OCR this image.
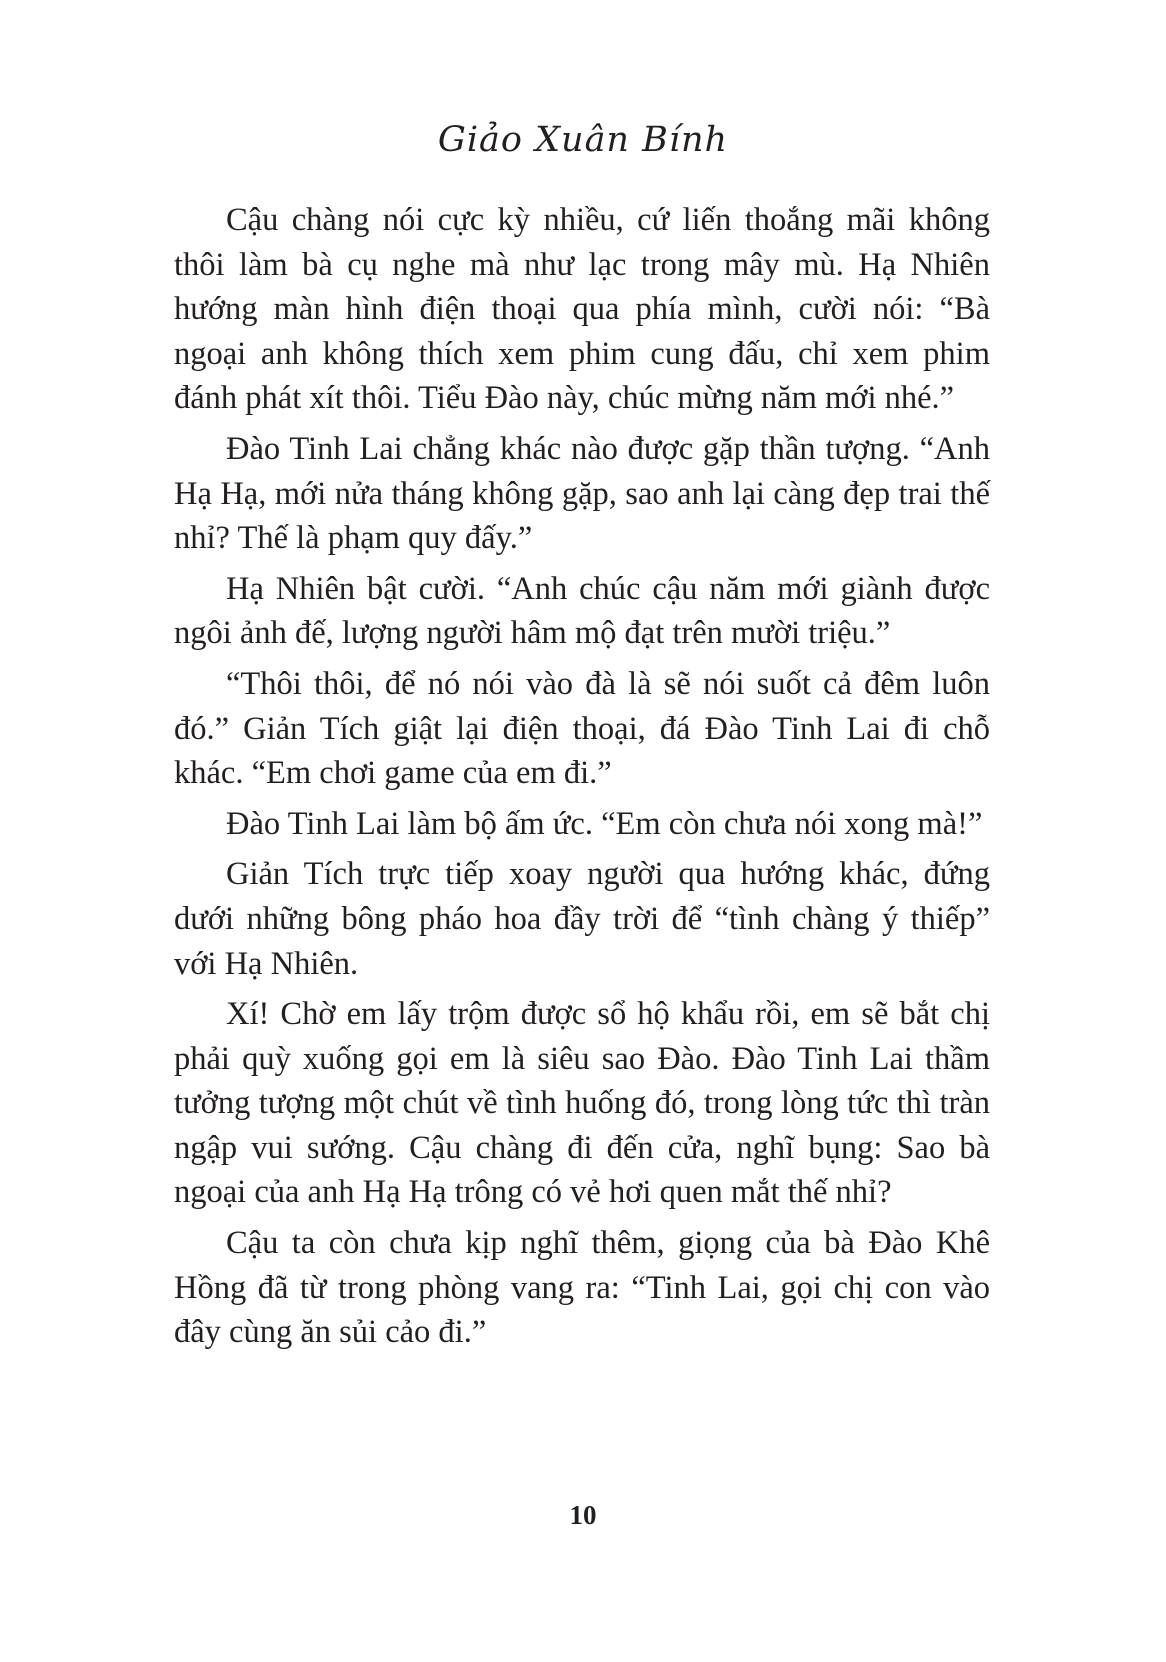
Giảo Xuân Bính

Cậu chàng nói cực kỳ nhiều, cứ liến thoắng mãi không thôi làm bà cụ nghe mà như lạc trong mây mù. Hạ Nhiên hướng màn hình điện thoại qua phía mình, cười nói: “Bà ngoại anh không thích xem phim cung đấu, chỉ xem phim đánh phát xít thôi. Tiểu Đào này, chúc mừng năm mới nhé.”

Đào Tinh Lai chẳng khác nào được gặp thần tượng. “Anh Hạ Hạ, mới nửa tháng không gặp, sao anh lại càng đẹp trai thế nhỉ? Thế là phạm quy đấy.”

Hạ Nhiên bật cười. “Anh chúc cậu năm mới giành được ngôi ảnh đế, lượng người hâm mộ đạt trên mười triệu.”

“Thôi thôi, để nó nói vào đà là sẽ nói suốt cả đêm luôn đó.” Giản Tích giật lại điện thoại, đá Đào Tinh Lai đi chỗ khác. “Em chơi game của em đi.”

Đào Tinh Lai làm bộ ấm ức. “Em còn chưa nói xong mà!”

Giản Tích trực tiếp xoay người qua hướng khác, đứng dưới những bông pháo hoa đầy trời để “tình chàng ý thiếp” với Hạ Nhiên.

Xí! Chờ em lấy trộm được sổ hộ khẩu rồi, em sẽ bắt chị phải quỳ xuống gọi em là siêu sao Đào. Đào Tinh Lai thầm tưởng tượng một chút về tình huống đó, trong lòng tức thì tràn ngập vui sướng. Cậu chàng đi đến cửa, nghĩ bụng: Sao bà ngoại của anh Hạ Hạ trông có vẻ hơi quen mắt thế nhỉ?

Cậu ta còn chưa kịp nghĩ thêm, giọng của bà Đào Khê Hồng đã từ trong phòng vang ra: “Tinh Lai, gọi chị con vào đây cùng ăn sủi cảo đi.”

10
